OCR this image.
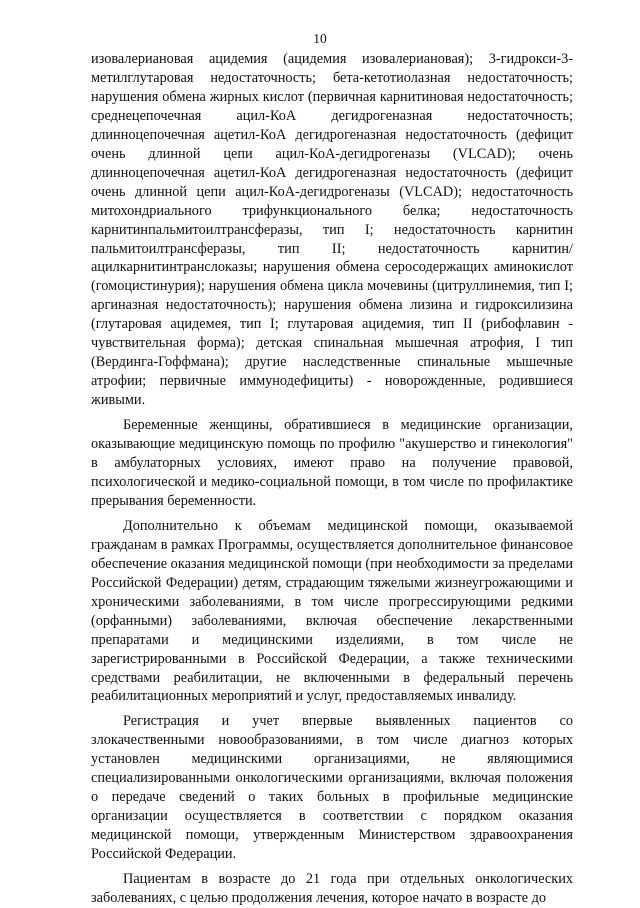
10

изовалериановая ацидемия (ацидемия изовалериановая); 3-гидрокси-3-метилглутаровая недостаточность; бета-кетотиолазная недостаточность; нарушения обмена жирных кислот (первичная карнитиновая недостаточность; среднецепочечная ацил-КоА дегидрогеназная недостаточность; длинноцепочечная ацетил-КоА дегидрогеназная недостаточность (дефицит очень длинной цепи ацил-КоА-дегидрогеназы (VLCAD); очень длинноцепочечная ацетил-КоА дегидрогеназная недостаточность (дефицит очень длинной цепи ацил-КоА-дегидрогеназы (VLCAD); недостаточность митохондриального трифункционального белка; недостаточность карнитинпальмитоилтрансферазы, тип I; недостаточность карнитин пальмитоилтрансферазы, тип II; недостаточность карнитин/ацилкарнитинтранслоказы; нарушения обмена серосодержащих аминокислот (гомоцистинурия); нарушения обмена цикла мочевины (цитруллинемия, тип I; аргиназная недостаточность); нарушения обмена лизина и гидроксилизина (глутаровая ацидемея, тип I; глутаровая ацидемия, тип II (рибофлавин - чувствительная форма); детская спинальная мышечная атрофия, I тип (Вердинга-Гоффмана); другие наследственные спинальные мышечные атрофии; первичные иммунодефициты) - новорожденные, родившиеся живыми.

Беременные женщины, обратившиеся в медицинские организации, оказывающие медицинскую помощь по профилю "акушерство и гинекология" в амбулаторных условиях, имеют право на получение правовой, психологической и медико-социальной помощи, в том числе по профилактике прерывания беременности.

Дополнительно к объемам медицинской помощи, оказываемой гражданам в рамках Программы, осуществляется дополнительное финансовое обеспечение оказания медицинской помощи (при необходимости за пределами Российской Федерации) детям, страдающим тяжелыми жизнеугрожающими и хроническими заболеваниями, в том числе прогрессирующими редкими (орфанными) заболеваниями, включая обеспечение лекарственными препаратами и медицинскими изделиями, в том числе не зарегистрированными в Российской Федерации, а также техническими средствами реабилитации, не включенными в федеральный перечень реабилитационных мероприятий и услуг, предоставляемых инвалиду.

Регистрация и учет впервые выявленных пациентов со злокачественными новообразованиями, в том числе диагноз которых установлен медицинскими организациями, не являющимися специализированными онкологическими организациями, включая положения о передаче сведений о таких больных в профильные медицинские организации осуществляется в соответствии с порядком оказания медицинской помощи, утвержденным Министерством здравоохранения Российской Федерации.

Пациентам в возрасте до 21 года при отдельных онкологических заболеваниях, с целью продолжения лечения, которое начато в возрасте до
